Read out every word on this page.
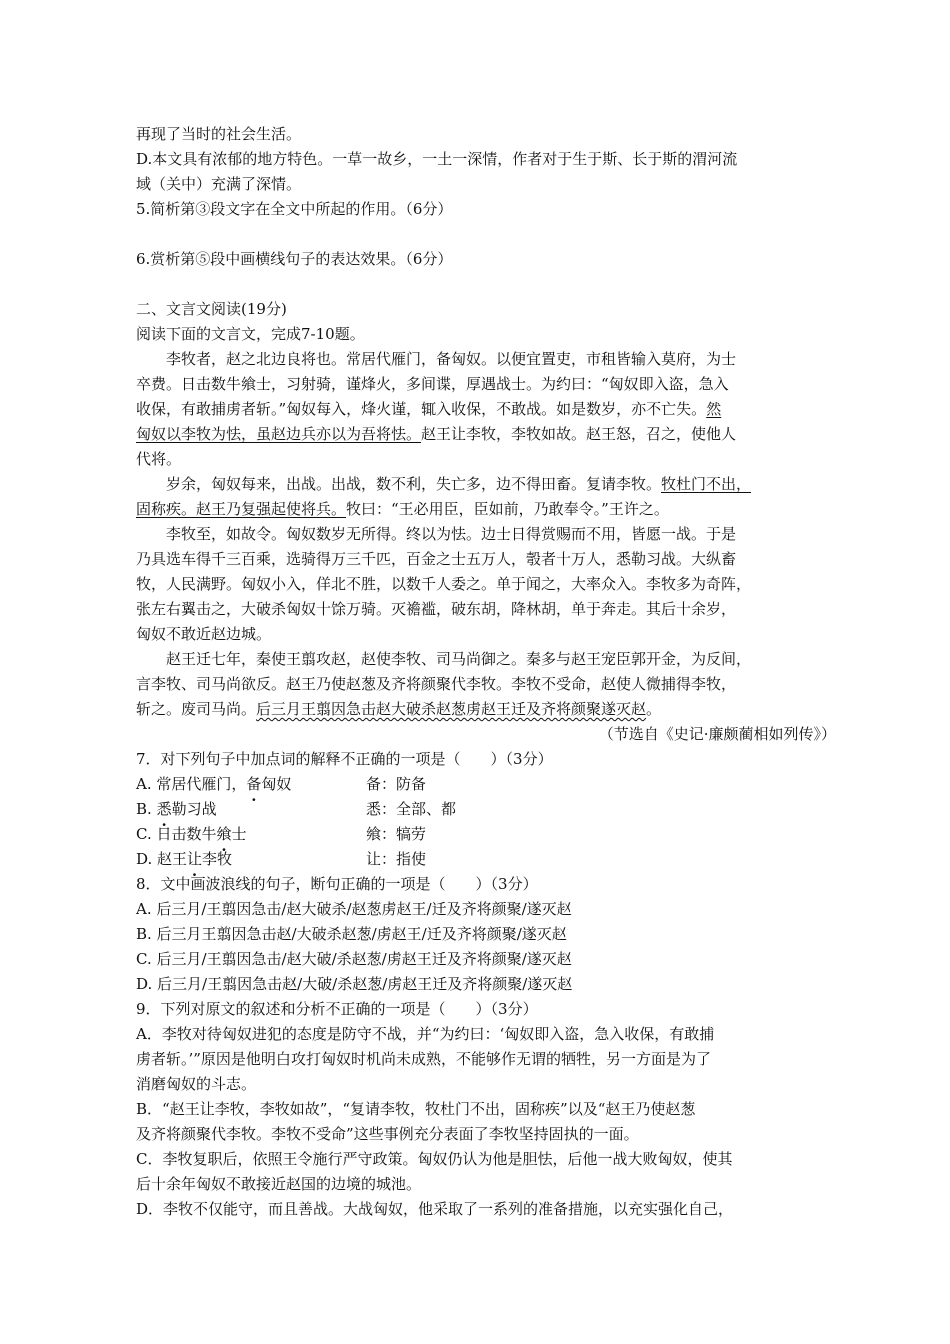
再现了当时的社会生活。
D.本文具有浓郁的地方特色。一草一故乡，一土一深情，作者对于生于斯、长于斯的渭河流
域（关中）充满了深情。
5.简析第③段文字在全文中所起的作用。（6分）
6.赏析第⑤段中画横线句子的表达效果。（6分）
二、文言文阅读(19分)
阅读下面的文言文，完成7-10题。
李牧者，赵之北边良将也。常居代雁门，备匈奴。以便宜置吏，市租皆输入莫府，为士
卒费。日击数牛飨士，习射骑，谨烽火，多间谍，厚遇战士。为约曰：“匈奴即入盗，急入
收保，有敢捕虏者斩。”匈奴每入，烽火谨，辄入收保，不敢战。如是数岁，亦不亡失。然
匈奴以李牧为怯，虽赵边兵亦以为吾将怯。赵王让李牧，李牧如故。赵王怒，召之，使他人
代将。
岁余，匈奴每来，出战。出战，数不利，失亡多，边不得田畜。复请李牧。牧杜门不出，
固称疾。赵王乃复强起使将兵。牧曰：“王必用臣，臣如前，乃敢奉令。”王许之。
李牧至，如故令。匈奴数岁无所得。终以为怯。边士日得赏赐而不用，皆愿一战。于是
乃具选车得千三百乘，选骑得万三千匹，百金之士五万人，彀者十万人，悉勒习战。大纵畜
牧，人民满野。匈奴小入，佯北不胜，以数千人委之。单于闻之，大率众入。李牧多为奇阵，
张左右翼击之，大破杀匈奴十馀万骑。灭襜褴，破东胡，降林胡，单于奔走。其后十余岁，
匈奴不敢近赵边城。
赵王迁七年，秦使王翦攻赵，赵使李牧、司马尚御之。秦多与赵王宠臣郭开金，为反间，
言李牧、司马尚欲反。赵王乃使赵葱及齐将颜聚代李牧。李牧不受命，赵使人微捕得李牧，
斩之。废司马尚。后三月王翦因急击赵大破杀赵葱虏赵王迁及齐将颜聚遂灭赵。
（节选自《史记·廉颇蔺相如列传》）
7．对下列句子中加点词的解释不正确的一项是（　　）（3分）
A. 常居代雁门，备匈奴	备：防备
B. 悉勒习战	悉：全部、都
C. 日击数牛飨士	飨：犒劳
D. 赵王让李牧	让：指使
8．文中画波浪线的句子，断句正确的一项是（　　）（3分）
A. 后三月/王翦因急击/赵大破杀/赵葱虏赵王/迁及齐将颜聚/遂灭赵
B. 后三月王翦因急击赵/大破杀赵葱/虏赵王/迁及齐将颜聚/遂灭赵
C. 后三月/王翦因急击/赵大破/杀赵葱/虏赵王迁及齐将颜聚/遂灭赵
D. 后三月/王翦因急击赵/大破/杀赵葱/虏赵王迁及齐将颜聚/遂灭赵
9．下列对原文的叙述和分析不正确的一项是（　　）（3分）
A．李牧对待匈奴进犯的态度是防守不战，并“为约曰：‘匈奴即入盗，急入收保，有敢捕
虏者斩。’”原因是他明白攻打匈奴时机尚未成熟，不能够作无谓的牺牲，另一方面是为了
消磨匈奴的斗志。
B．“赵王让李牧，李牧如故”，“复请李牧，牧杜门不出，固称疾”以及“赵王乃使赵葱
及齐将颜聚代李牧。李牧不受命”这些事例充分表面了李牧坚持固执的一面。
C．李牧复职后，依照王令施行严守政策。匈奴仍认为他是胆怯，后他一战大败匈奴，使其
后十余年匈奴不敢接近赵国的边境的城池。
D．李牧不仅能守，而且善战。大战匈奴，他采取了一系列的准备措施，以充实强化自己，
